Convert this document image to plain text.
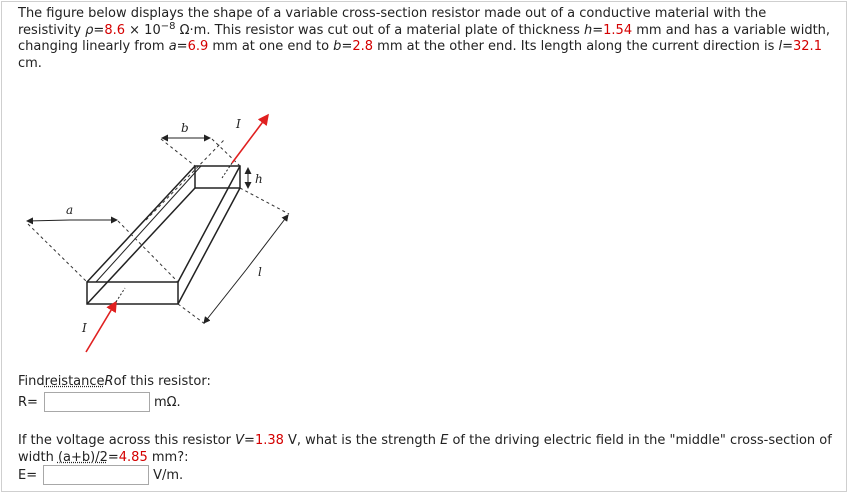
The figure below displays the shape of a variable cross-section resistor made out of a conductive material with the resistivity $\rho=8.6 \times 10^{-8}$ Ω·m. This resistor was cut out of a material plate of thickness h=1.54 mm and has a variable width, changing linearly from a=6.9 mm at one end to b=2.8 mm at the other end. Its length along the current direction is l=32.1 cm.

b
a
h
l
I
I
Find reistance R of this resistor:
R=	mΩ.

If the voltage across this resistor V=1.38 V, what is the strength E of the driving electric field in the "middle" cross-section of width (a+b)/2=4.85 mm?:

E=	V/m.
